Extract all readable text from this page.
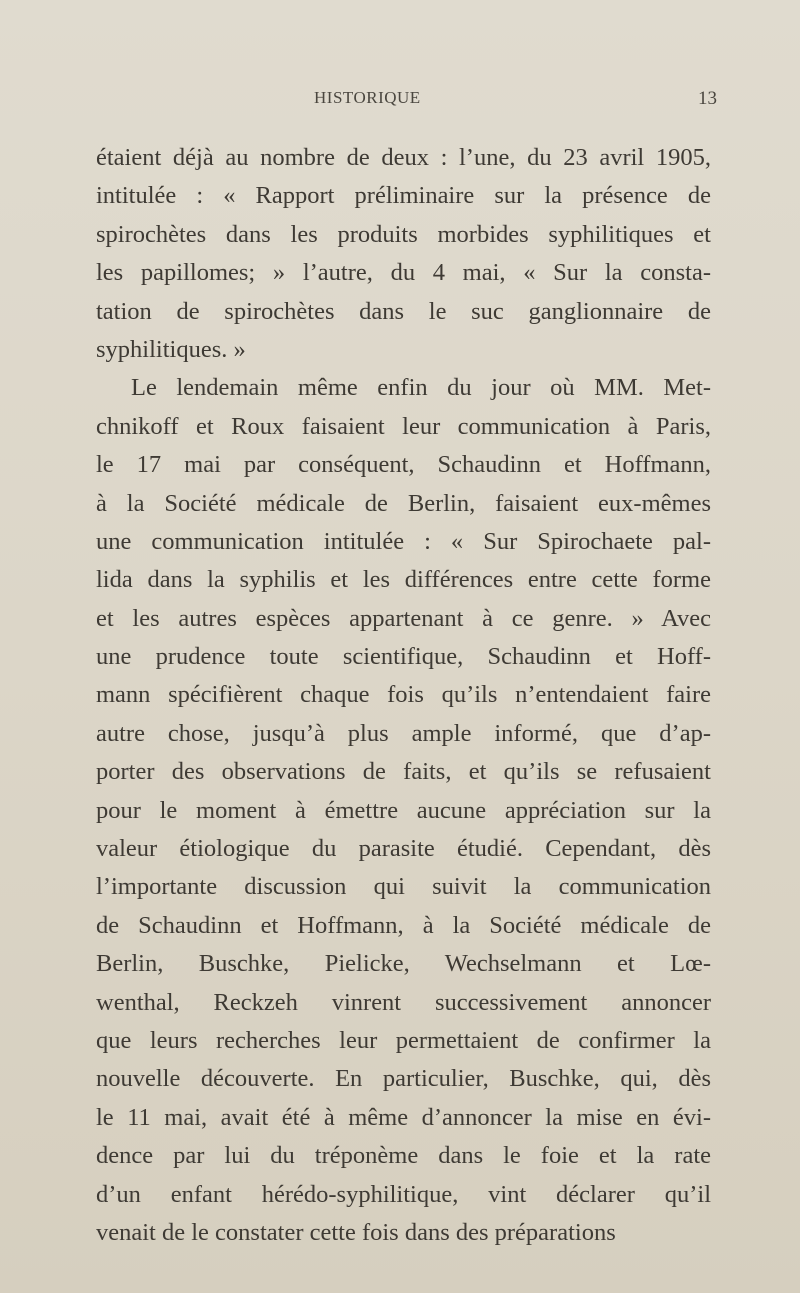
HISTORIQUE	13
étaient déjà au nombre de deux : l’une, du 23 avril 1905,
intitulée : « Rapport préliminaire sur la présence de
spirochètes dans les produits morbides syphilitiques et
les papillomes; » l’autre, du 4 mai, « Sur la consta-
tation de spirochètes dans le suc ganglionnaire de
syphilitiques. »
Le lendemain même enfin du jour où MM. Met-
chnikoff et Roux faisaient leur communication à Paris,
le 17 mai par conséquent, Schaudinn et Hoffmann,
à la Société médicale de Berlin, faisaient eux-mêmes
une communication intitulée : « Sur Spirochaete pal-
lida dans la syphilis et les différences entre cette forme
et les autres espèces appartenant à ce genre. » Avec
une prudence toute scientifique, Schaudinn et Hoff-
mann spécifièrent chaque fois qu’ils n’entendaient faire
autre chose, jusqu’à plus ample informé, que d’ap-
porter des observations de faits, et qu’ils se refusaient
pour le moment à émettre aucune appréciation sur la
valeur étiologique du parasite étudié. Cependant, dès
l’importante discussion qui suivit la communication
de Schaudinn et Hoffmann, à la Société médicale de
Berlin, Buschke, Pielicke, Wechselmann et Lœ-
wenthal, Reckzeh vinrent successivement annoncer
que leurs recherches leur permettaient de confirmer la
nouvelle découverte. En particulier, Buschke, qui, dès
le 11 mai, avait été à même d’annoncer la mise en évi-
dence par lui du tréponème dans le foie et la rate
d’un enfant hérédo-syphilitique, vint déclarer qu’il
venait de le constater cette fois dans des préparations
